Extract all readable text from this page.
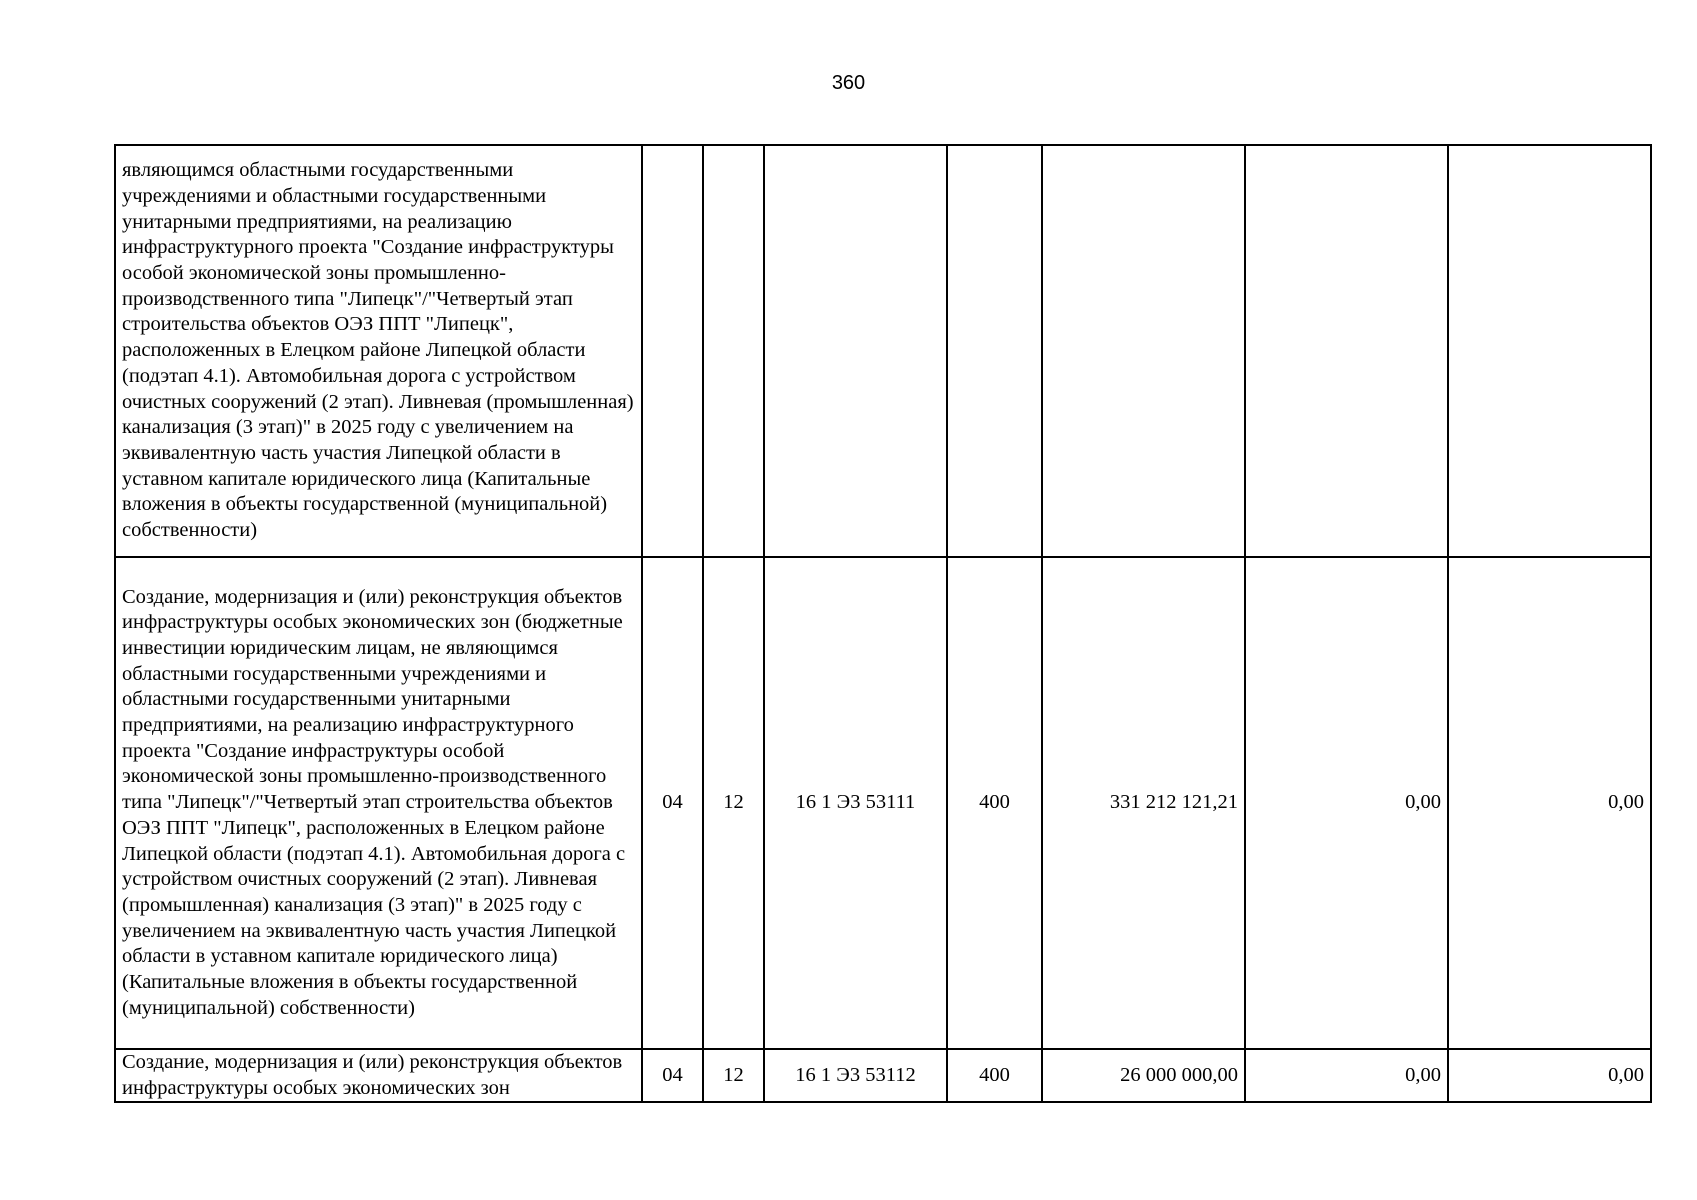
360
являющимся областными государственными учреждениями и областными государственными унитарными предприятиями, на реализацию инфраструктурного проекта "Создание инфраструктуры особой экономической зоны промышленно-производственного типа "Липецк"/"Четвертый этап строительства объектов ОЭЗ ППТ "Липецк", расположенных в Елецком районе Липецкой области (подэтап 4.1). Автомобильная дорога с устройством очистных сооружений (2 этап). Ливневая (промышленная) канализация (3 этап)" в 2025 году с увеличением на эквивалентную часть участия Липецкой области в уставном капитале юридического лица (Капитальные вложения в объекты государственной (муниципальной) собственности)							

Создание, модернизация и (или) реконструкция объектов инфраструктуры особых экономических зон (бюджетные инвестиции юридическим лицам, не являющимся областными государственными учреждениями и областными государственными унитарными предприятиями, на реализацию инфраструктурного проекта "Создание инфраструктуры особой экономической зоны промышленно-производственного типа "Липецк"/"Четвертый этап строительства объектов ОЭЗ ППТ "Липецк", расположенных в Елецком районе Липецкой области (подэтап 4.1). Автомобильная дорога с устройством очистных сооружений (2 этап). Ливневая (промышленная) канализация (3 этап)" в 2025 году с увеличением на эквивалентную часть участия Липецкой области в уставном капитале юридического лица) (Капитальные вложения в объекты государственной (муниципальной) собственности)	04	12	16 1 Э3 53111	400	331 212 121,21	0,00	0,00

Создание, модернизация и (или) реконструкция объектов инфраструктуры особых экономических зон	04	12	16 1 Э3 53112	400	26 000 000,00	0,00	0,00
